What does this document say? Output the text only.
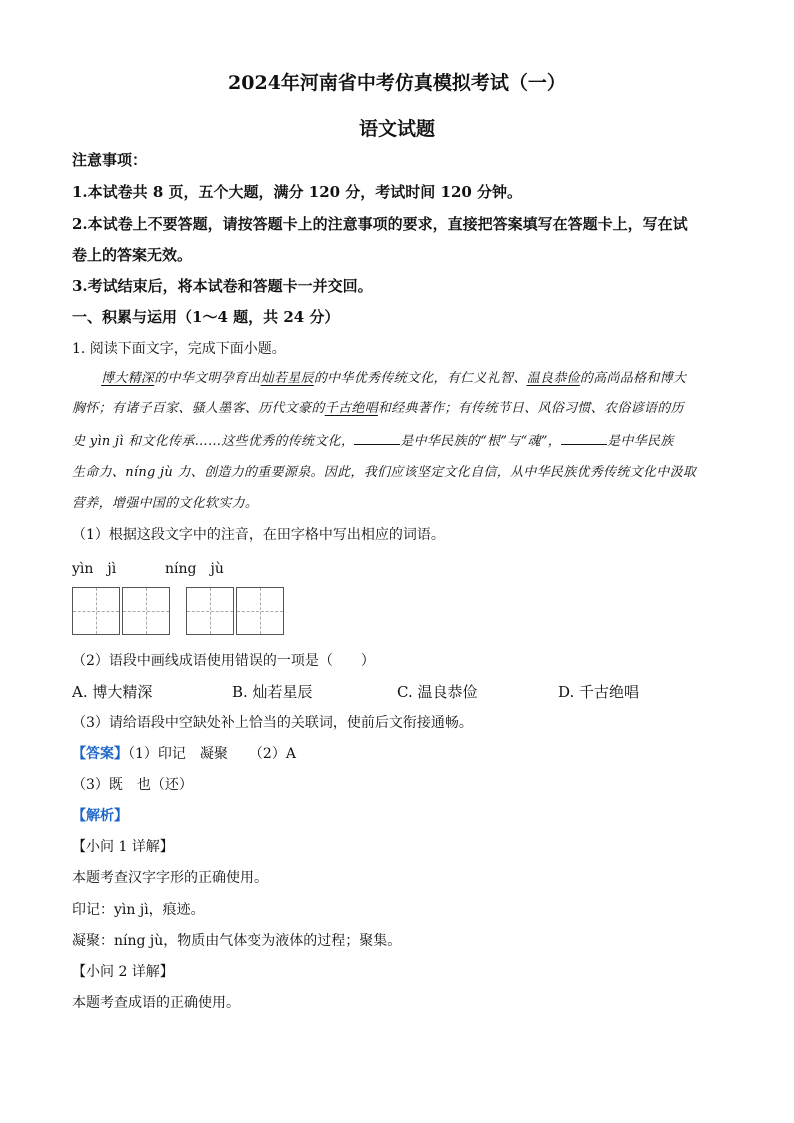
2024年河南省中考仿真模拟考试（一）
语文试题
注意事项：
1.本试卷共 8 页，五个大题，满分 120 分，考试时间 120 分钟。
2.本试卷上不要答题，请按答题卡上的注意事项的要求，直接把答案填写在答题卡上，写在试
卷上的答案无效。
3.考试结束后，将本试卷和答题卡一并交回。
一、积累与运用（1～4 题，共 24 分）
1. 阅读下面文字，完成下面小题。
博大精深的中华文明孕育出灿若星辰的中华优秀传统文化，有仁义礼智、温良恭俭的高尚品格和博大
胸怀；有诸子百家、骚人墨客、历代文豪的千古绝唱和经典著作；有传统节日、风俗习惯、农俗谚语的历
史 yìn jì 和文化传承……这些优秀的传统文化，	是中华民族的“根”与“魂”，	是中华民族
生命力、níng jù 力、创造力的重要源泉。因此，我们应该坚定文化自信，从中华民族优秀传统文化中汲取
营养，增强中国的文化软实力。
（1）根据这段文字中的注音，在田字格中写出相应的词语。
yìn　jì	níng　jù
（2）语段中画线成语使用错误的一项是（　　）
A. 博大精深	B. 灿若星辰	C. 温良恭俭	D. 千古绝唱
（3）请给语段中空缺处补上恰当的关联词，使前后文衔接通畅。
【答案】（1）印记　凝聚　　（2）A
（3）既　也（还）
【解析】
【小问 1 详解】
本题考查汉字字形的正确使用。
印记：yìn jì，痕迹。
凝聚：níng jù，物质由气体变为液体的过程；聚集。
【小问 2 详解】
本题考查成语的正确使用。
